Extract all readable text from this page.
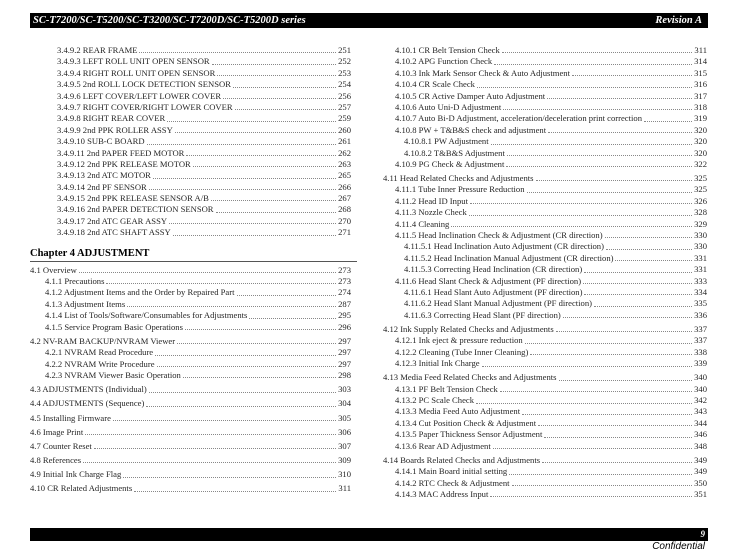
SC-T7200/SC-T5200/SC-T3200/SC-T7200D/SC-T5200D series	Revision A
3.4.9.2 REAR FRAME	251
3.4.9.3 LEFT ROLL UNIT OPEN SENSOR	252
3.4.9.4 RIGHT ROLL UNIT OPEN SENSOR	253
3.4.9.5 2nd ROLL LOCK DETECTION SENSOR	254
3.4.9.6 LEFT COVER/LEFT LOWER COVER	256
3.4.9.7 RIGHT COVER/RIGHT LOWER COVER	257
3.4.9.8 RIGHT REAR COVER	259
3.4.9.9 2nd PPK ROLLER ASSY	260
3.4.9.10 SUB-C BOARD	261
3.4.9.11 2nd PAPER FEED MOTOR	262
3.4.9.12 2nd PPK RELEASE MOTOR	263
3.4.9.13 2nd ATC MOTOR	265
3.4.9.14 2nd PF SENSOR	266
3.4.9.15 2nd PPK RELEASE SENSOR A/B	267
3.4.9.16 2nd PAPER DETECTION SENSOR	268
3.4.9.17 2nd ATC GEAR ASSY	270
3.4.9.18 2nd ATC SHAFT ASSY	271
Chapter 4 ADJUSTMENT
4.1 Overview	273
4.1.1 Precautions	273
4.1.2 Adjustment Items and the Order by Repaired Part	274
4.1.3 Adjustment Items	287
4.1.4 List of Tools/Software/Consumables for Adjustments	295
4.1.5 Service Program Basic Operations	296
4.2 NV-RAM BACKUP/NVRAM Viewer	297
4.2.1 NVRAM Read Procedure	297
4.2.2 NVRAM Write Procedure	297
4.2.3 NVRAM Viewer Basic Operation	298
4.3 ADJUSTMENTS (Individual)	303
4.4 ADJUSTMENTS (Sequence)	304
4.5 Installing Firmware	305
4.6 Image Print	306
4.7 Counter Reset	307
4.8 References	309
4.9 Initial Ink Charge Flag	310
4.10 CR Related Adjustments	311
4.10.1 CR Belt Tension Check	311
4.10.2 APG Function Check	314
4.10.3 Ink Mark Sensor Check & Auto Adjustment	315
4.10.4 CR Scale Check	316
4.10.5 CR Active Damper Auto Adjustment	317
4.10.6 Auto Uni-D Adjustment	318
4.10.7 Auto Bi-D Adjustment, acceleration/deceleration print correction	319
4.10.8 PW + T&B&S check and adjustment	320
4.10.8.1 PW Adjustment	320
4.10.8.2 T&B&S Adjustment	320
4.10.9 PG Check & Adjustment	322
4.11 Head Related Checks and Adjustments	325
4.11.1 Tube Inner Pressure Reduction	325
4.11.2 Head ID Input	326
4.11.3 Nozzle Check	328
4.11.4 Cleaning	329
4.11.5 Head Inclination Check & Adjustment (CR direction)	330
4.11.5.1 Head Inclination Auto Adjustment (CR direction)	330
4.11.5.2 Head Inclination Manual Adjustment (CR direction)	331
4.11.5.3 Correcting Head Inclination (CR direction)	331
4.11.6 Head Slant Check & Adjustment (PF direction)	333
4.11.6.1 Head Slant Auto Adjustment (PF direction)	334
4.11.6.2 Head Slant Manual Adjustment (PF direction)	335
4.11.6.3 Correcting Head Slant (PF direction)	336
4.12 Ink Supply Related Checks and Adjustments	337
4.12.1 Ink eject & pressure reduction	337
4.12.2 Cleaning (Tube Inner Cleaning)	338
4.12.3 Initial Ink Charge	339
4.13 Media Feed Related Checks and Adjustments	340
4.13.1 PF Belt Tension Check	340
4.13.2 PC Scale Check	342
4.13.3 Media Feed Auto Adjustment	343
4.13.4 Cut Position Check & Adjustment	344
4.13.5 Paper Thickness Sensor Adjustment	346
4.13.6 Rear AD Adjustment	348
4.14 Boards Related Checks and Adjustments	349
4.14.1 Main Board initial setting	349
4.14.2 RTC Check & Adjustment	350
4.14.3 MAC Address Input	351
9
Confidential
